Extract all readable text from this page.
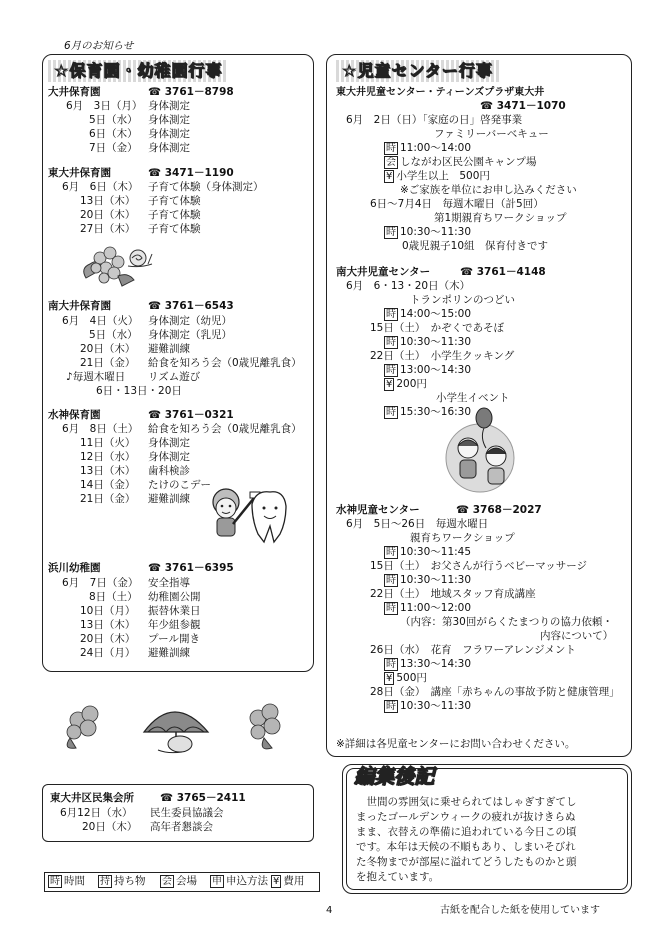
6月のお知らせ
☆保育園・幼稚園行事
大井保育園	☎ 3761－8798
6月　3日（月） 身体測定
5日（水） 身体測定
6日（木） 身体測定
7日（金） 身体測定
東大井保育園	☎ 3471－1190
6月　6日（木） 子育て体験（身体測定）
13日（木） 子育て体験
20日（木） 子育て体験
27日（木） 子育て体験
南大井保育園	☎ 3761－6543
6月　4日（火） 身体測定（幼児）
5日（水） 身体測定（乳児）
20日（木） 避難訓練
21日（金） 給食を知ろう会（0歳児離乳食）
♪毎週木曜日 リズム遊び
6日・13日・20日
水神保育園	☎ 3761－0321
6月　8日（土） 給食を知ろう会（0歳児離乳食）
11日（火） 身体測定
12日（水） 身体測定
13日（木） 歯科検診
14日（金） たけのこデー
21日（金） 避難訓練
浜川幼稚園	☎ 3761－6395
6月　7日（金） 安全指導
8日（土） 幼稚園公開
10日（月） 振替休業日
13日（木） 年少組参観
20日（木） プール開き
24日（月） 避難訓練
東大井区民集会所	☎ 3765－2411
6月12日（水） 民生委員協議会
20日（木） 高年者懇談会
時 時間 持 持ち物 会 会場 申 申込方法 ¥ 費用
☆児童センター行事
東大井児童センター・ティーンズプラザ東大井
☎ 3471－1070
6月　2日（日）「家庭の日」啓発事業
ファミリーバーベキュー
時 11:00～14:00
会 しながわ区民公園キャンプ場
¥ 小学生以上　500円
※ご家族を単位にお申し込みください
6日～7月4日　毎週木曜日（計5回）
第1期親育ちワークショップ
時 10:30～11:30
0歳児親子10組　保育付きです
南大井児童センター	☎ 3761－4148
6月　6・13・20日（木）
トランポリンのつどい
時 14:00～15:00
15日（土）　かぞくであそぼ
時 10:30～11:30
22日（土）　小学生クッキング
時 13:00～14:30
¥ 200円
小学生イベント
時 15:30～16:30
水神児童センター	☎ 3768－2027
6月　5日～26日　毎週水曜日
親育ちワークショップ
時 10:30～11:45
15日（土）　お父さんが行うベビーマッサージ
時 10:30～11:30
22日（土）　地域スタッフ育成講座
時 11:00～12:00
（内容：第30回がらくたまつりの協力依頼・
内容について）
26日（水）　花育　フラワーアレンジメント
時 13:30～14:30
¥ 500円
28日（金）　講座「赤ちゃんの事故予防と健康管理」
時 10:30～11:30
※詳細は各児童センターにお問い合わせください。
編集後記
　世間の雰囲気に乗せられてはしゃぎすぎてし
まったゴールデンウィークの疲れが抜けきらぬ
まま、衣替えの準備に追われている今日この頃
です。本年は天候の不順もあり、しまいそびれ
た冬物までが部屋に溢れてどうしたものかと頭
を抱えています。
4	古紙を配合した紙を使用しています
